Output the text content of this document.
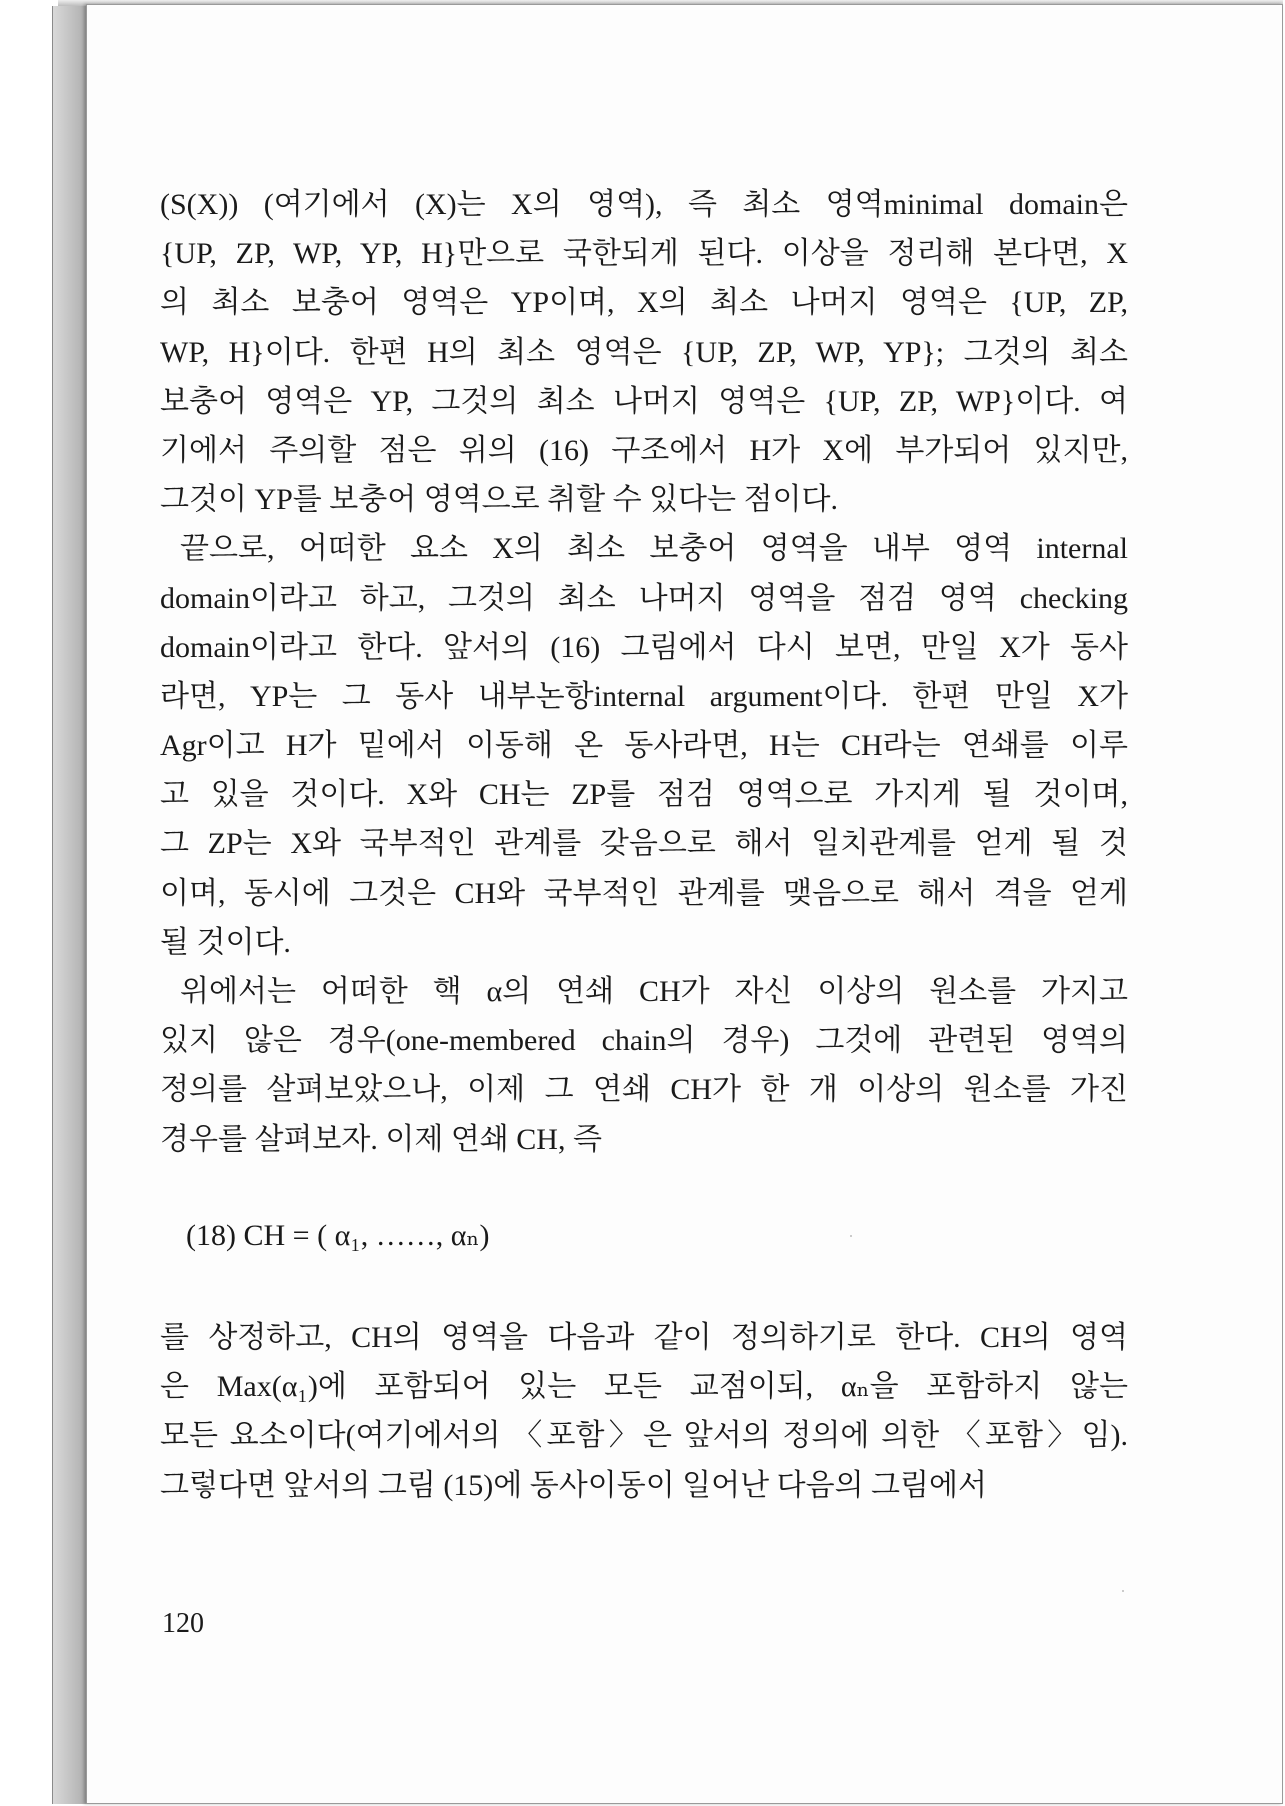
(S(X)) (여기에서 (X)는 X의 영역), 즉 최소 영역minimal domain은
{UP, ZP, WP, YP, H}만으로 국한되게 된다. 이상을 정리해 본다면, X
의 최소 보충어 영역은 YP이며, X의 최소 나머지 영역은 {UP, ZP,
WP, H}이다. 한편 H의 최소 영역은 {UP, ZP, WP, YP}; 그것의 최소
보충어 영역은 YP, 그것의 최소 나머지 영역은 {UP, ZP, WP}이다. 여
기에서 주의할 점은 위의 (16) 구조에서 H가 X에 부가되어 있지만,
그것이 YP를 보충어 영역으로 취할 수 있다는 점이다.
끝으로, 어떠한 요소 X의 최소 보충어 영역을 내부 영역 internal
domain이라고 하고, 그것의 최소 나머지 영역을 점검 영역 checking
domain이라고 한다. 앞서의 (16) 그림에서 다시 보면, 만일 X가 동사
라면, YP는 그 동사 내부논항internal argument이다. 한편 만일 X가
Agr이고 H가 밑에서 이동해 온 동사라면, H는 CH라는 연쇄를 이루
고 있을 것이다. X와 CH는 ZP를 점검 영역으로 가지게 될 것이며,
그 ZP는 X와 국부적인 관계를 갖음으로 해서 일치관계를 얻게 될 것
이며, 동시에 그것은 CH와 국부적인 관계를 맺음으로 해서 격을 얻게
될 것이다.
위에서는 어떠한 핵 α의 연쇄 CH가 자신 이상의 원소를 가지고
있지 않은 경우(one-membered chain의 경우) 그것에 관련된 영역의
정의를 살펴보았으나, 이제 그 연쇄 CH가 한 개 이상의 원소를 가진
경우를 살펴보자. 이제 연쇄 CH, 즉
(18) CH = ( α₁, ……, αₙ)
를 상정하고, CH의 영역을 다음과 같이 정의하기로 한다. CH의 영역
은 Max(α₁)에 포함되어 있는 모든 교점이되, αₙ을 포함하지 않는
모든 요소이다(여기에서의 〈포함〉은 앞서의 정의에 의한 〈포함〉임).
그렇다면 앞서의 그림 (15)에 동사이동이 일어난 다음의 그림에서
120
